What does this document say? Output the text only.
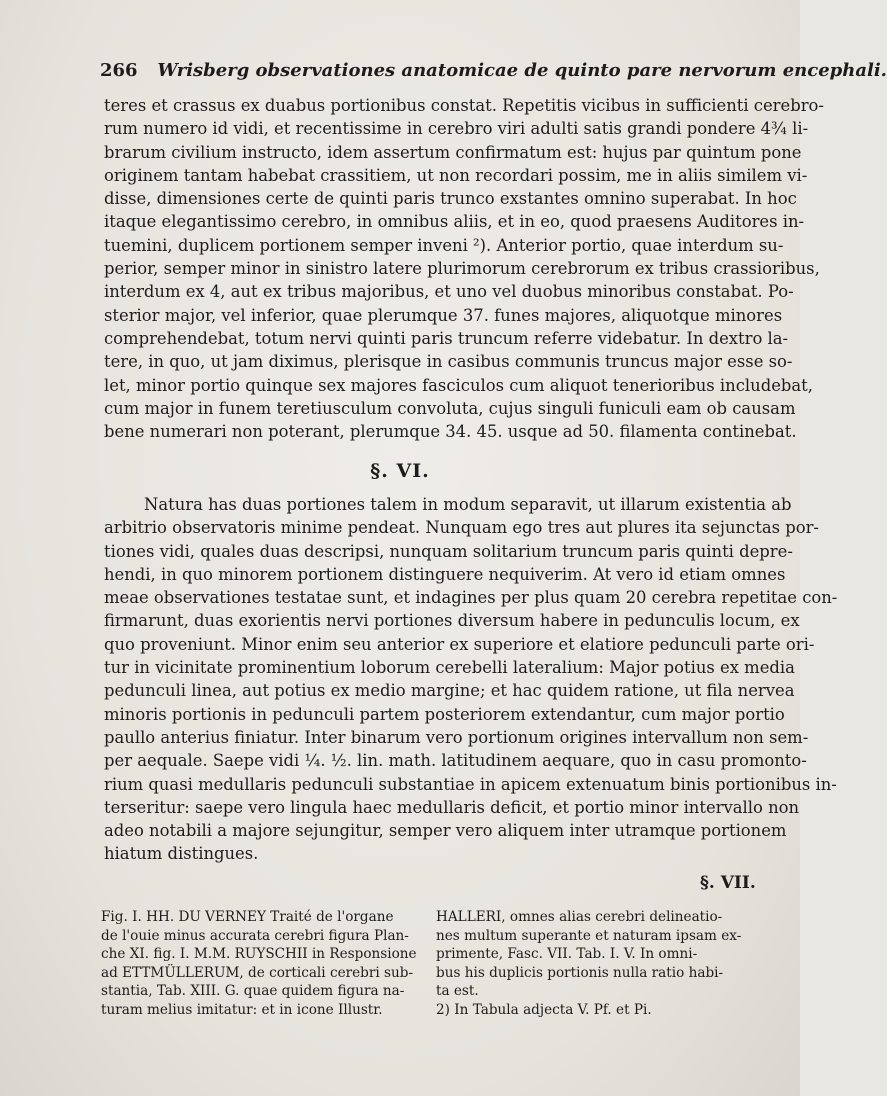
266 Wrisberg observationes anatomicae de quinto pare nervorum encephali.
teres et crassus ex duabus portionibus constat. Repetitis vicibus in sufficienti cerebro-
rum numero id vidi, et recentissime in cerebro viri adulti satis grandi pondere 4¾ li-
brarum civilium instructo, idem assertum confirmatum est: hujus par quintum pone
originem tantam habebat crassitiem, ut non recordari possim, me in aliis similem vi-
disse, dimensiones certe de quinti paris trunco exstantes omnino superabat. In hoc
itaque elegantissimo cerebro, in omnibus aliis, et in eo, quod praesens Auditores in-
tuemini, duplicem portionem semper inveni ²). Anterior portio, quae interdum su-
perior, semper minor in sinistro latere plurimorum cerebrorum ex tribus crassioribus,
interdum ex 4, aut ex tribus majoribus, et uno vel duobus minoribus constabat. Po-
sterior major, vel inferior, quae plerumque 37. funes majores, aliquotque minores
comprehendebat, totum nervi quinti paris truncum referre videbatur. In dextro la-
tere, in quo, ut jam diximus, plerisque in casibus communis truncus major esse so-
let, minor portio quinque sex majores fasciculos cum aliquot tenerioribus includebat,
cum major in funem teretiusculum convoluta, cujus singuli funiculi eam ob causam
bene numerari non poterant, plerumque 34. 45. usque ad 50. filamenta continebat.
§. VI.
Natura has duas portiones talem in modum separavit, ut illarum existentia ab
arbitrio observatoris minime pendeat. Nunquam ego tres aut plures ita sejunctas por-
tiones vidi, quales duas descripsi, nunquam solitarium truncum paris quinti depre-
hendi, in quo minorem portionem distinguere nequiverim. At vero id etiam omnes
meae observationes testatae sunt, et indagines per plus quam 20 cerebra repetitae con-
firmarunt, duas exorientis nervi portiones diversum habere in pedunculis locum, ex
quo proveniunt. Minor enim seu anterior ex superiore et elatiore pedunculi parte ori-
tur in vicinitate prominentium loborum cerebelli lateralium: Major potius ex media
pedunculi linea, aut potius ex medio margine; et hac quidem ratione, ut fila nervea
minoris portionis in pedunculi partem posteriorem extendantur, cum major portio
paullo anterius finiatur. Inter binarum vero portionum origines intervallum non sem-
per aequale. Saepe vidi ¼. ½. lin. math. latitudinem aequare, quo in casu promonto-
rium quasi medullaris pedunculi substantiae in apicem extenuatum binis portionibus in-
terseritur: saepe vero lingula haec medullaris deficit, et portio minor intervallo non
adeo notabili a majore sejungitur, semper vero aliquem inter utramque portionem
hiatum distingues.
§. VII.
Fig. I. HH. DU VERNEY Traité de l'organe
de l'ouie minus accurata cerebri figura Plan-
che XI. fig. I. M.M. RUYSCHII in Responsione
ad ETTMÜLLERUM, de corticali cerebri sub-
stantia, Tab. XIII. G. quae quidem figura na-
turam melius imitatur: et in icone Illustr.
HALLERI, omnes alias cerebri delineatio-
nes multum superante et naturam ipsam ex-
primente, Fasc. VII. Tab. I. V. In omni-
bus his duplicis portionis nulla ratio habi-
ta est.
2) In Tabula adjecta V. Pf. et Pi.
